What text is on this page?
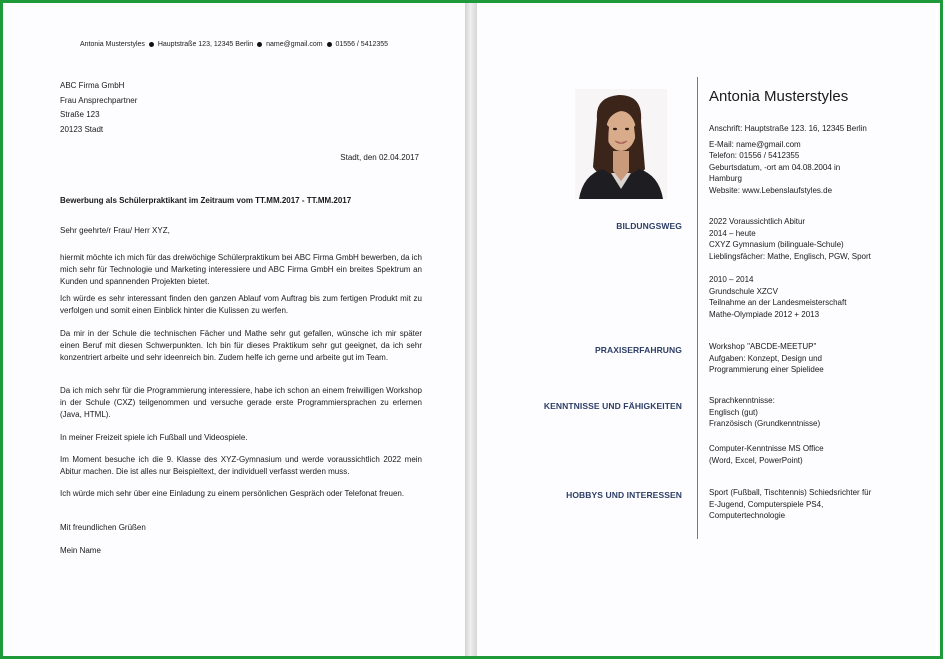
Antonia Musterstyles Hauptstraße 123, 12345 Berlin name@gmail.com 01556 / 5412355
ABC Firma GmbH
Frau Ansprechpartner
Straße 123
20123 Stadt
Stadt, den 02.04.2017
Bewerbung als Schülerpraktikant im Zeitraum vom TT.MM.2017 - TT.MM.2017
Sehr geehrte/r Frau/ Herr XYZ,
hiermit möchte ich mich für das dreiwöchige Schülerpraktikum bei ABC Firma GmbH bewerben, da ich mich sehr für Technologie und Marketing interessiere und ABC Firma GmbH ein breites Spektrum an Kunden und spannenden Projekten bietet.
Ich würde es sehr interessant finden den ganzen Ablauf vom Auftrag bis zum fertigen Produkt mit zu verfolgen und somit einen Einblick hinter die Kulissen zu werfen.
Da mir in der Schule die technischen Fächer und Mathe sehr gut gefallen, wünsche ich mir später einen Beruf mit diesen Schwerpunkten. Ich bin für dieses Praktikum sehr gut geeignet, da ich sehr konzentriert arbeite und sehr ideenreich bin. Zudem helfe ich gerne und arbeite gut im Team.
Da ich mich sehr für die Programmierung interessiere, habe ich schon an einem freiwilligen Workshop in der Schule (CXZ) teilgenommen und versuche gerade erste Programmiersprachen zu erlernen (Java, HTML).
In meiner Freizeit spiele ich Fußball und Videospiele.
Im Moment besuche ich die 9. Klasse des XYZ-Gymnasium und werde voraussichtlich 2022 mein Abitur machen. Die ist alles nur Beispieltext, der individuell verfasst werden muss.
Ich würde mich sehr über eine Einladung zu einem persönlichen Gespräch oder Telefonat freuen.
Mit freundlichen Grüßen
Mein Name
Antonia Musterstyles
Anschrift: Hauptstraße 123. 16, 12345 Berlin
E-Mail: name@gmail.com
Telefon: 01556 / 5412355
Geburtsdatum, -ort am 04.08.2004 in
Hamburg
Website: www.Lebenslaufstyles.de
BILDUNGSWEG	2022 Voraussichtlich Abitur
2014 – heute
CXYZ Gymnasium (bilinguale-Schule)
Lieblingsfächer: Mathe, Englisch, PGW, Sport
2010 – 2014
Grundschule XZCV
Teilnahme an der Landesmeisterschaft
Mathe-Olympiade 2012 + 2013
PRAXISERFAHRUNG	Workshop "ABCDE-MEETUP"
Aufgaben: Konzept, Design und
Programmierung einer Spielidee
KENNTNISSE UND FÄHIGKEITEN
Sprachkenntnisse:
Englisch (gut)
Französisch (Grundkenntnisse)
Computer-Kenntnisse MS Office
(Word, Excel, PowerPoint)
HOBBYS UND INTERESSEN	Sport (Fußball, Tischtennis) Schiedsrichter für
E-Jugend, Computerspiele PS4,
Computertechnologie
